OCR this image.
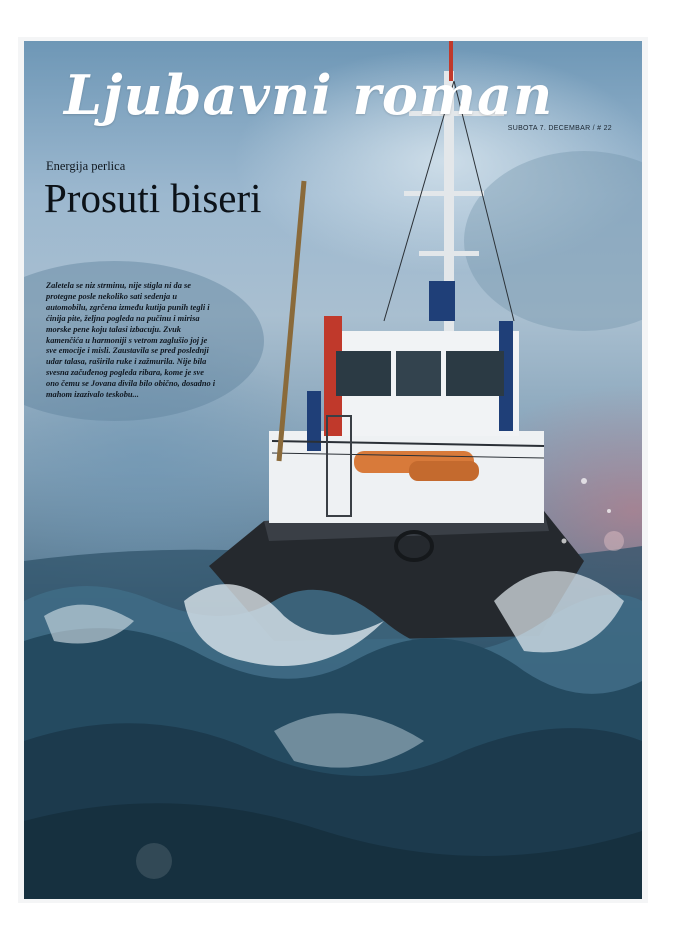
Ljubavni roman
SUBOTA 7. DECEMBAR / # 22
Energija perlica
Prosuti biseri
Zaletela se niz strminu, nije stigla ni da se protegne posle nekoliko sati sedenja u automobilu, zgrčena između kutija punih tegli i ćinija pite, željna pogleda na pučinu i mirisa morske pene koju talasi izbacuju. Zvuk kamenčića u harmoniji s vetrom zaglušio joj je sve emocije i misli. Zaustavila se pred poslednji udar talasa, raširila ruke i zažmurila. Nije bila svesna začuđenog pogleda ribara, kome je sve ono čemu se Jovana divila bilo obično, dosadno i mahom izazivalo teskobu...
